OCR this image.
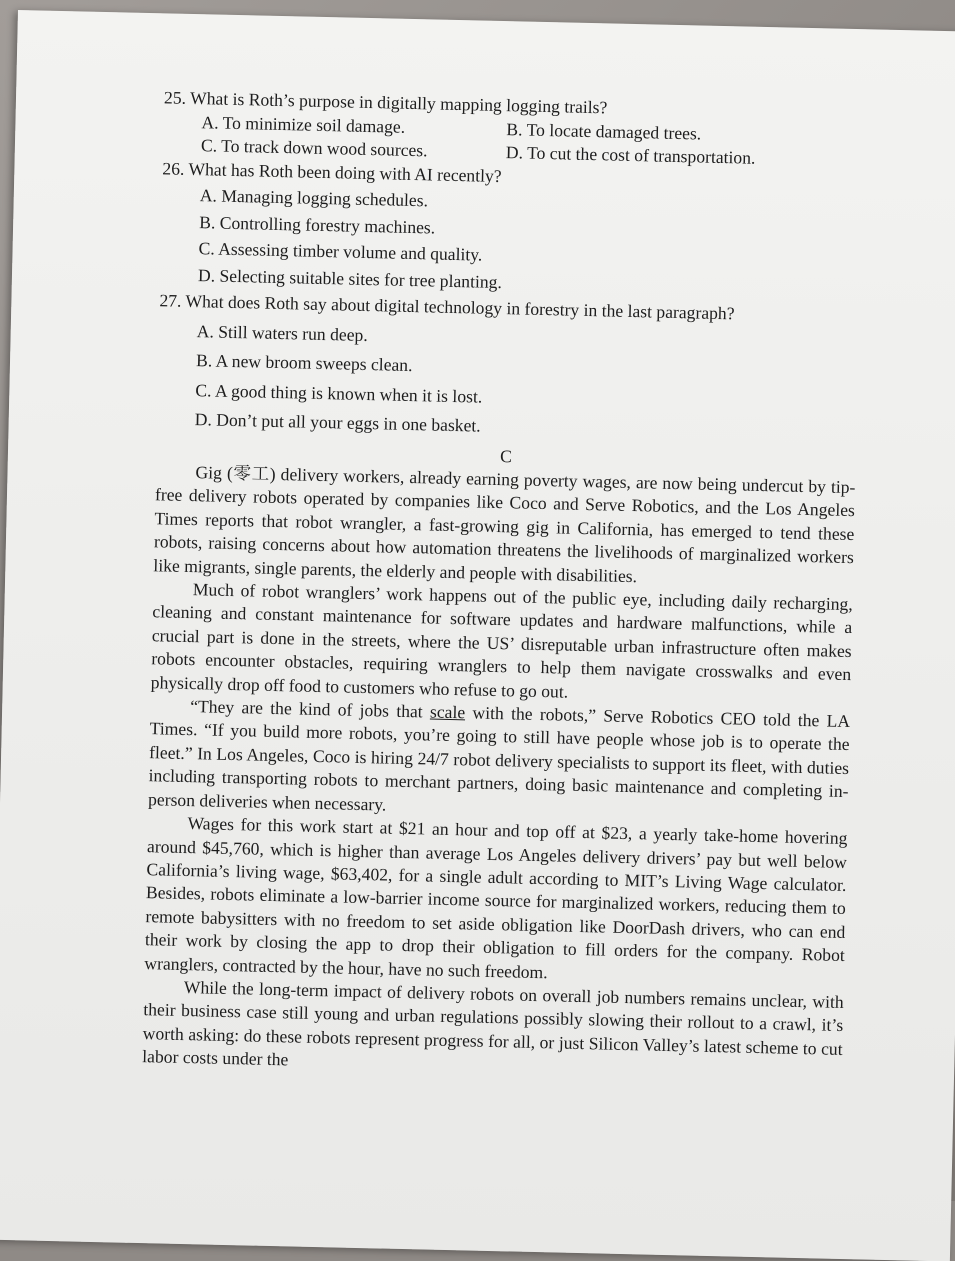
25. What is Roth’s purpose in digitally mapping logging trails?
A. To minimize soil damage.	B. To locate damaged trees.
C. To track down wood sources.	D. To cut the cost of transportation.
26. What has Roth been doing with AI recently?
A. Managing logging schedules.
B. Controlling forestry machines.
C. Assessing timber volume and quality.
D. Selecting suitable sites for tree planting.
27. What does Roth say about digital technology in forestry in the last paragraph?
A. Still waters run deep.
B. A new broom sweeps clean.
C. A good thing is known when it is lost.
D. Don’t put all your eggs in one basket.
C

Gig (零工) delivery workers, already earning poverty wages, are now being undercut by tip-free delivery robots operated by companies like Coco and Serve Robotics, and the Los Angeles Times reports that robot wrangler, a fast-growing gig in California, has emerged to tend these robots, raising concerns about how automation threatens the livelihoods of marginalized workers like migrants, single parents, the elderly and people with disabilities.

Much of robot wranglers’ work happens out of the public eye, including daily recharging, cleaning and constant maintenance for software updates and hardware malfunctions, while a crucial part is done in the streets, where the US’ disreputable urban infrastructure often makes robots encounter obstacles, requiring wranglers to help them navigate crosswalks and even physically drop off food to customers who refuse to go out.

“They are the kind of jobs that scale with the robots,” Serve Robotics CEO told the LA Times. “If you build more robots, you’re going to still have people whose job is to operate the fleet.” In Los Angeles, Coco is hiring 24/7 robot delivery specialists to support its fleet, with duties including transporting robots to merchant partners, doing basic maintenance and completing in-person deliveries when necessary.

Wages for this work start at $21 an hour and top off at $23, a yearly take-home hovering around $45,760, which is higher than average Los Angeles delivery drivers’ pay but well below California’s living wage, $63,402, for a single adult according to MIT’s Living Wage calculator. Besides, robots eliminate a low-barrier income source for marginalized workers, reducing them to remote babysitters with no freedom to set aside obligation like DoorDash drivers, who can end their work by closing the app to drop their obligation to fill orders for the company. Robot wranglers, contracted by the hour, have no such freedom.

While the long-term impact of delivery robots on overall job numbers remains unclear, with their business case still young and urban regulations possibly slowing their rollout to a crawl, it’s worth asking: do these robots represent progress for all, or just Silicon Valley’s latest scheme to cut labor costs under the
